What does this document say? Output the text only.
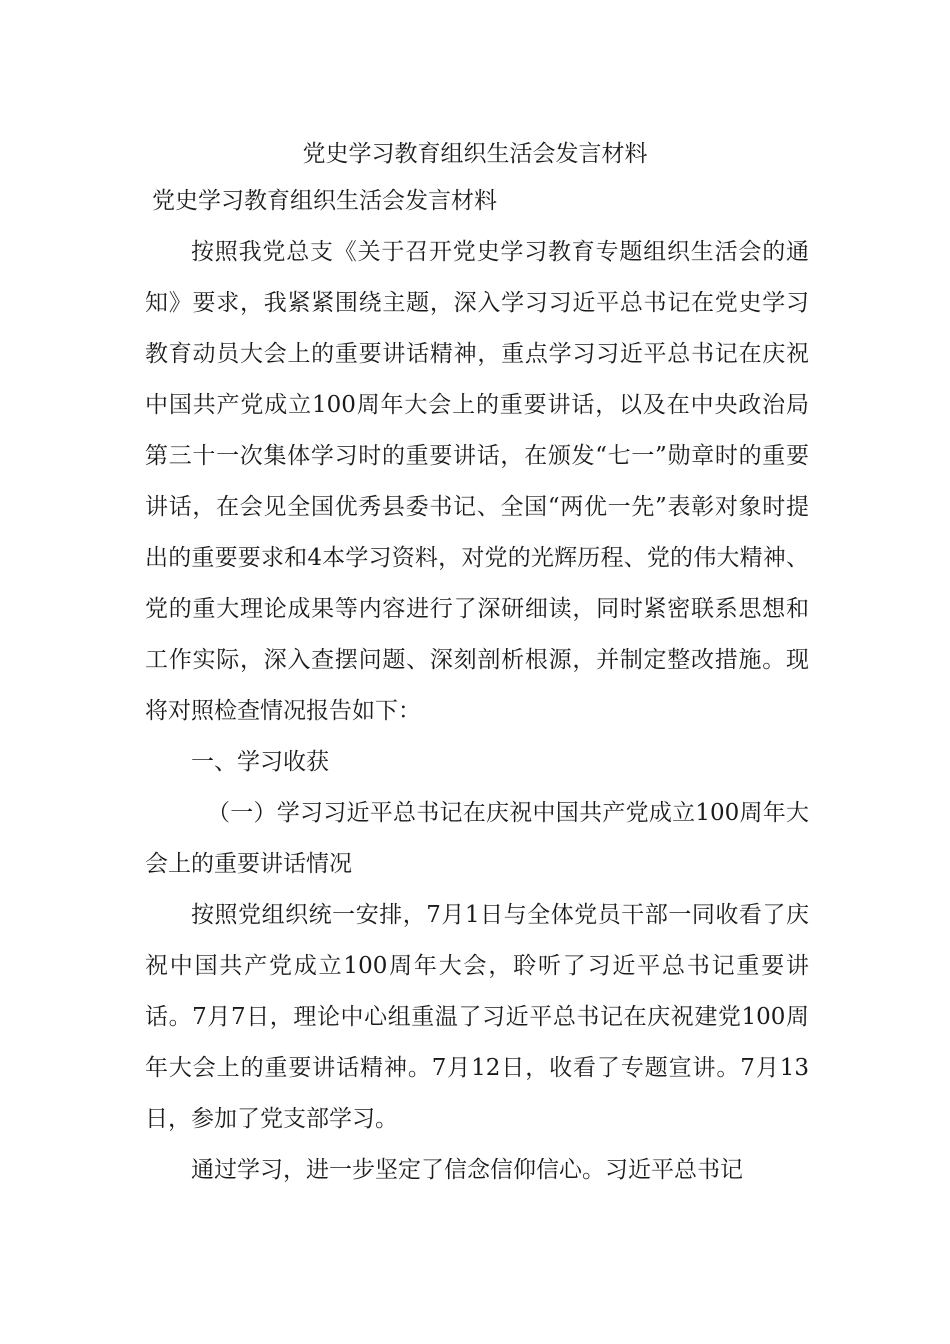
党史学习教育组织生活会发言材料
党史学习教育组织生活会发言材料

按照我党总支《关于召开党史学习教育专题组织生活会的通知》要求，我紧紧围绕主题，深入学习习近平总书记在党史学习教育动员大会上的重要讲话精神，重点学习习近平总书记在庆祝中国共产党成立100周年大会上的重要讲话，以及在中央政治局第三十一次集体学习时的重要讲话，在颁发“七一”勋章时的重要讲话，在会见全国优秀县委书记、全国“两优一先”表彰对象时提出的重要要求和4本学习资料，对党的光辉历程、党的伟大精神、党的重大理论成果等内容进行了深研细读，同时紧密联系思想和工作实际，深入查摆问题、深刻剖析根源，并制定整改措施。现将对照检查情况报告如下：

一、学习收获

（一）学习习近平总书记在庆祝中国共产党成立100周年大会上的重要讲话情况

按照党组织统一安排，7月1日与全体党员干部一同收看了庆祝中国共产党成立100周年大会，聆听了习近平总书记重要讲话。7月7日，理论中心组重温了习近平总书记在庆祝建党100周年大会上的重要讲话精神。7月12日，收看了专题宣讲。7月13日，参加了党支部学习。

通过学习，进一步坚定了信念信仰信心。习近平总书记
